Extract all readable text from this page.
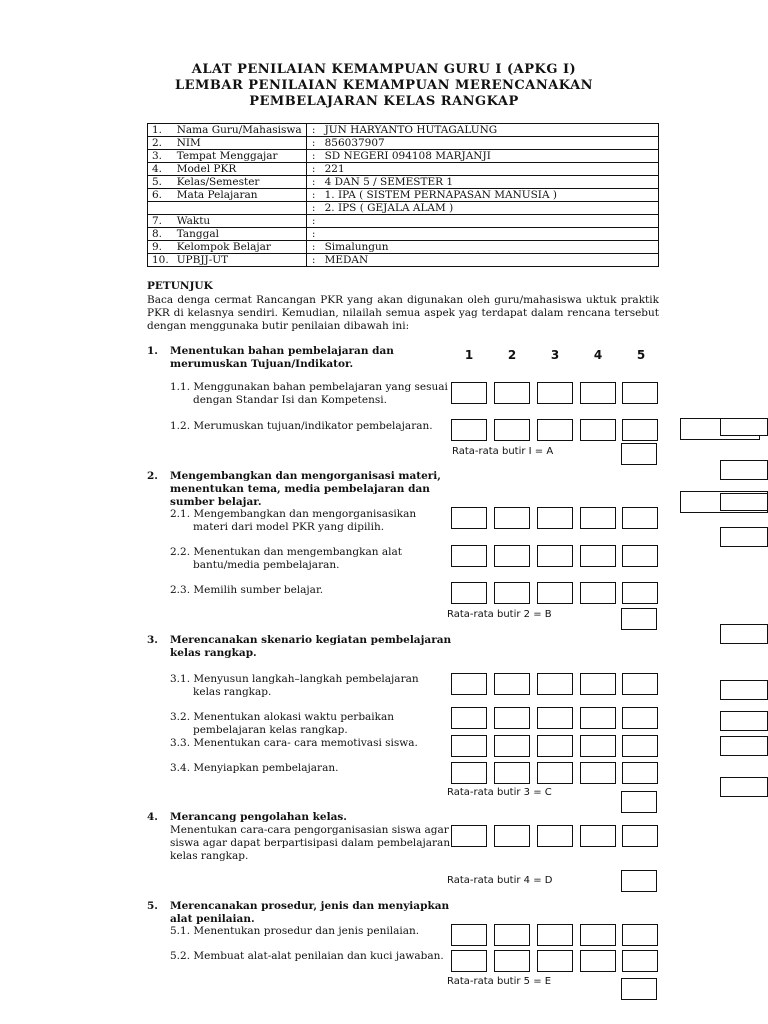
ALAT PENILAIAN KEMAMPUAN GURU I (APKG I)
LEMBAR PENILAIAN KEMAMPUAN MERENCANAKAN
PEMBELAJARAN KELAS RANGKAP
1.	Nama Guru/Mahasiswa	:	JUN HARYANTO HUTAGALUNG
2.	NIM	:	856037907
3.	Tempat Menggajar	:	SD NEGERI 094108 MARJANJI
4.	Model PKR	:	221
5.	Kelas/Semester	:	4 DAN 5 / SEMESTER 1
6.	Mata Pelajaran	:	1. IPA ( SISTEM PERNAPASAN MANUSIA )
		:	2. IPS ( GEJALA ALAM )
7.	Waktu	:	
8.	Tanggal	:	
9.	Kelompok Belajar	:	Simalungun
10.	UPBJJ-UT	:	MEDAN
PETUNJUK
Baca denga cermat Rancangan PKR yang akan digunakan oleh guru/mahasiswa uktuk praktik
PKR di kelasnya sendiri. Kemudian, nilailah semua aspek yag terdapat dalam rencana tersebut
dengan menggunaka butir penilaian dibawah ini:
1	2	3	4	5
1. Menentukan bahan pembelajaran dan
merumuskan Tujuan/Indikator.
1.1. Menggunakan bahan pembelajaran yang sesuai
dengan Standar Isi dan Kompetensi.
1.2. Merumuskan tujuan/indikator pembelajaran.
Rata-rata butir I = A
2. Mengembangkan dan mengorganisasi materi,
menentukan tema, media pembelajaran dan
sumber belajar.
2.1. Mengembangkan dan mengorganisasikan
materi dari model PKR yang dipilih.
2.2. Menentukan dan mengembangkan alat
bantu/media pembelajaran.
2.3. Memilih sumber belajar.
Rata-rata butir 2 = B
3. Merencanakan skenario kegiatan pembelajaran
kelas rangkap.
3.1. Menyusun langkah–langkah pembelajaran
kelas rangkap.
3.2. Menentukan alokasi waktu perbaikan
pembelajaran kelas rangkap.
3.3. Menentukan cara- cara memotivasi siswa.
3.4. Menyiapkan pembelajaran.
Rata-rata butir 3 = C
4. Merancang pengolahan kelas.
Menentukan cara-cara pengorganisasian siswa agar
siswa agar dapat berpartisipasi dalam pembelajaran
kelas rangkap.
Rata-rata butir 4 = D
5. Merencanakan prosedur, jenis dan menyiapkan
alat penilaian.
5.1. Menentukan prosedur dan jenis penilaian.
5.2. Membuat alat-alat penilaian dan kuci jawaban.
Rata-rata butir 5 = E
